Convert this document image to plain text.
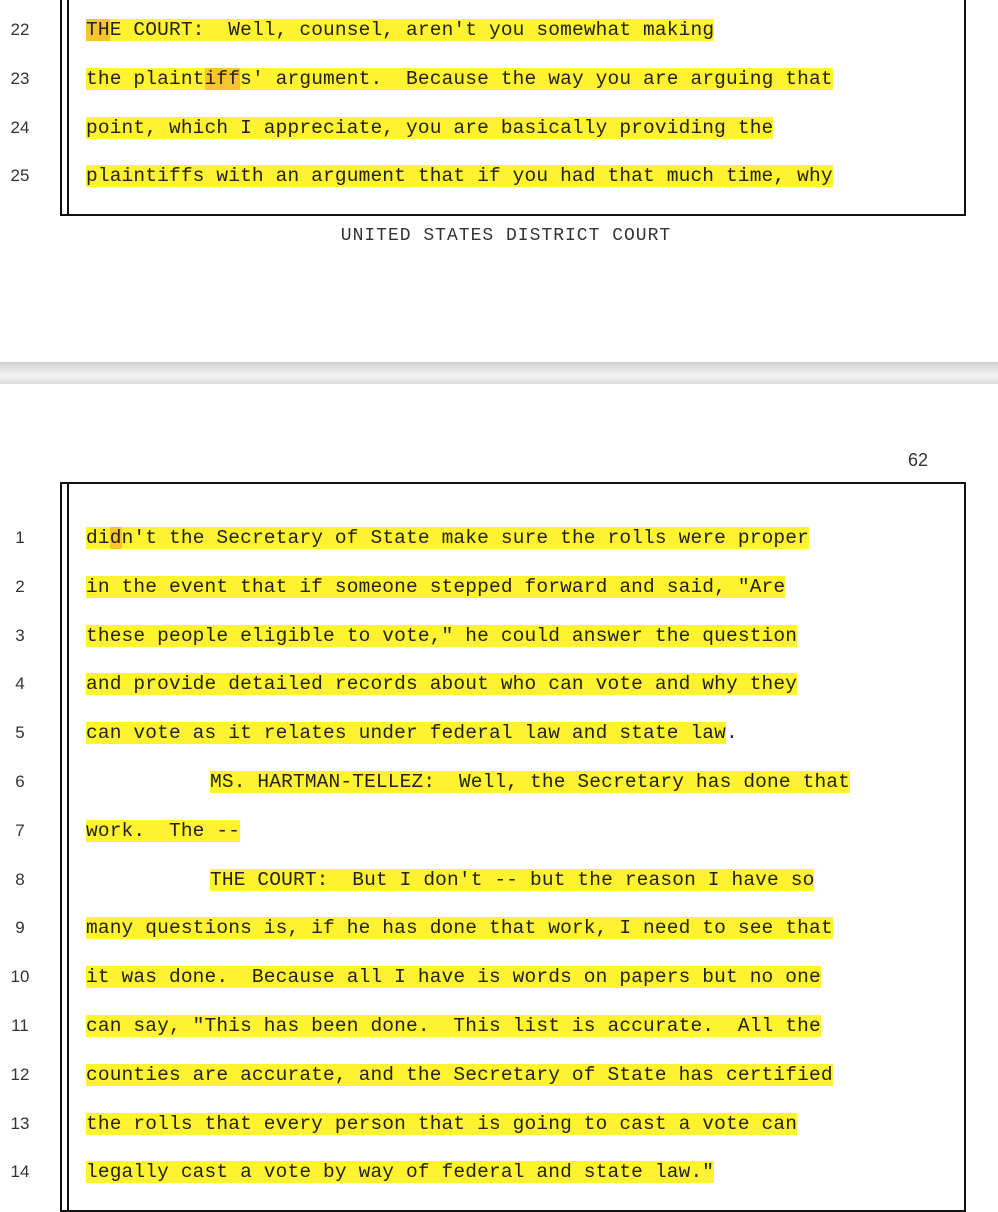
22	THE COURT:  Well, counsel, aren't you somewhat making
23	the plaintiffs' argument.  Because the way you are arguing that
24	point, which I appreciate, you are basically providing the
25	plaintiffs with an argument that if you had that much time, why
UNITED STATES DISTRICT COURT
62
1	didn't the Secretary of State make sure the rolls were proper
2	in the event that if someone stepped forward and said, "Are
3	these people eligible to vote," he could answer the question
4	and provide detailed records about who can vote and why they
5	can vote as it relates under federal law and state law.
6	MS. HARTMAN-TELLEZ:  Well, the Secretary has done that
7	work.  The --
8	THE COURT:  But I don't -- but the reason I have so
9	many questions is, if he has done that work, I need to see that
10	it was done.  Because all I have is words on papers but no one
11	can say, "This has been done.  This list is accurate.  All the
12	counties are accurate, and the Secretary of State has certified
13	the rolls that every person that is going to cast a vote can
14	legally cast a vote by way of federal and state law."
